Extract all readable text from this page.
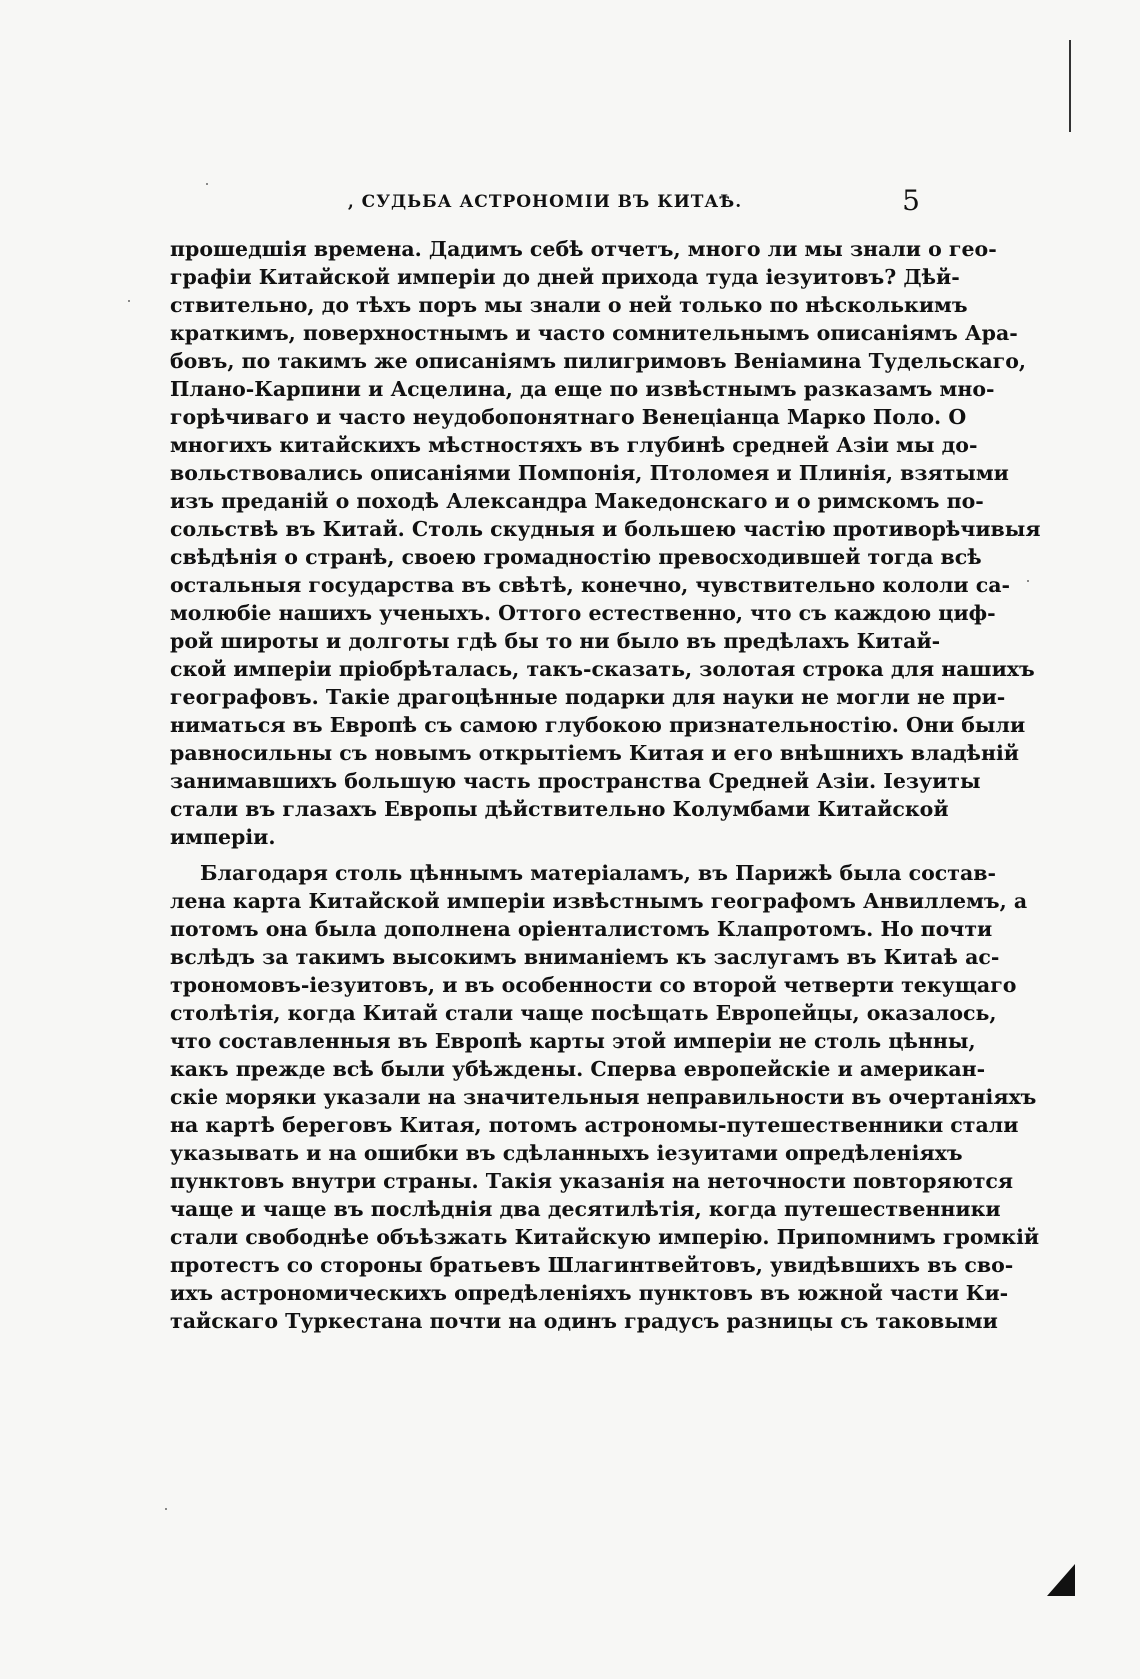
, СУДЬБА АСТРОНОМІИ ВЪ КИТАѢ.	5
прошедшія времена. Дадимъ себѣ отчетъ, много ли мы знали о гео-
графіи Китайской имперіи до дней прихода туда іезуитовъ? Дѣй-
ствительно, до тѣхъ поръ мы знали о ней только по нѣсколькимъ
краткимъ, поверхностнымъ и часто сомнительнымъ описаніямъ Ара-
бовъ, по такимъ же описаніямъ пилигримовъ Веніамина Тудельскаго,
Плано-Карпини и Асцелина, да еще по извѣстнымъ разказамъ мно-
горѣчиваго и часто неудобопонятнаго Венеціанца Марко Поло. О
многихъ китайскихъ мѣстностяхъ въ глубинѣ средней Азіи мы до-
вольствовались описаніями Помпонія, Птоломея и Плинія, взятыми
изъ преданій о походѣ Александра Македонскаго и о римскомъ по-
сольствѣ въ Китай. Столь скудныя и большею частію противорѣчивыя
свѣдѣнія о странѣ, своею громадностію превосходившей тогда всѣ
остальныя государства въ свѣтѣ, конечно, чувствительно кололи са-
молюбіе нашихъ ученыхъ. Оттого естественно, что съ каждою циф-
рой широты и долготы гдѣ бы то ни было въ предѣлахъ Китай-
ской имперіи пріобрѣталась, такъ-сказать, золотая строка для нашихъ
географовъ. Такіе драгоцѣнные подарки для науки не могли не при-
ниматься въ Европѣ съ самою глубокою признательностію. Они были
равносильны съ новымъ открытіемъ Китая и его внѣшнихъ владѣній
занимавшихъ большую часть пространства Средней Азіи. Іезуиты
стали въ глазахъ Европы дѣйствительно Колумбами Китайской
имперіи.
Благодаря столь цѣннымъ матеріаламъ, въ Парижѣ была состав-
лена карта Китайской имперіи извѣстнымъ географомъ Анвиллемъ, а
потомъ она была дополнена оріенталистомъ Клапротомъ. Но почти
вслѣдъ за такимъ высокимъ вниманіемъ къ заслугамъ въ Китаѣ ас-
трономовъ-іезуитовъ, и въ особенности со второй четверти текущаго
столѣтія, когда Китай стали чаще посѣщать Европейцы, оказалось,
что составленныя въ Европѣ карты этой имперіи не столь цѣнны,
какъ прежде всѣ были убѣждены. Сперва европейскіе и американ-
скіе моряки указали на значительныя неправильности въ очертаніяхъ
на картѣ береговъ Китая, потомъ астрономы-путешественники стали
указывать и на ошибки въ сдѣланныхъ іезуитами опредѣленіяхъ
пунктовъ внутри страны. Такія указанія на неточности повторяются
чаще и чаще въ послѣднія два десятилѣтія, когда путешественники
стали свободнѣе объѣзжать Китайскую имперію. Припомнимъ громкій
протестъ со стороны братьевъ Шлагинтвейтовъ, увидѣвшихъ въ сво-
ихъ астрономическихъ опредѣленіяхъ пунктовъ въ южной части Ки-
тайскаго Туркестана почти на одинъ градусъ разницы съ таковыми
